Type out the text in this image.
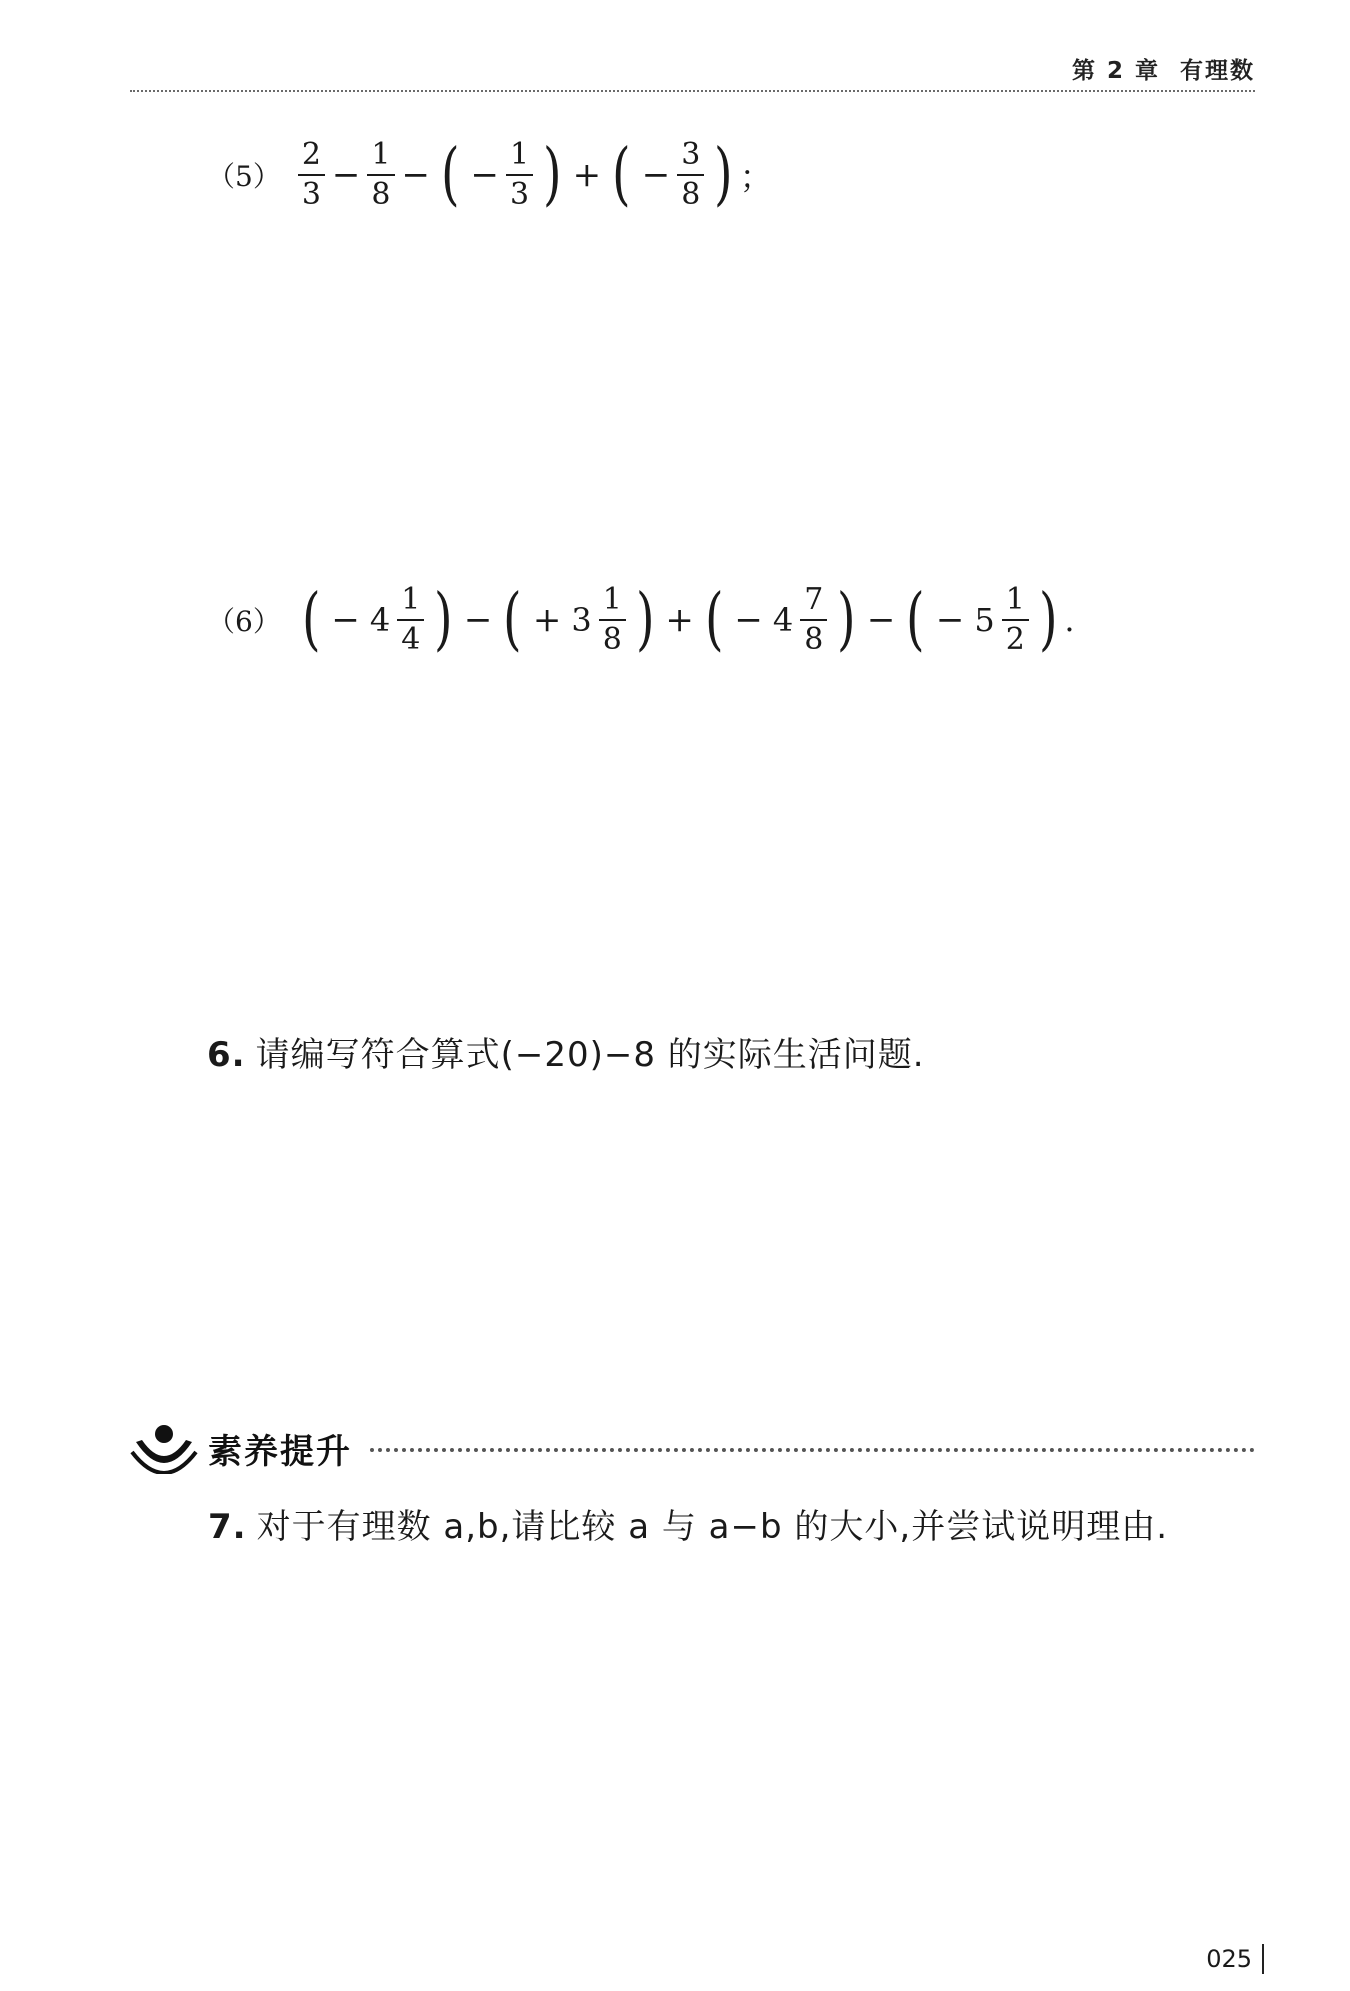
第 2 章 有理数
$(5) \frac{2}{3} - \frac{1}{8}$ − ( − $\frac{1}{3}$ ) + ( − $\frac{3}{8}$ ) ；
（6） ( − $4 \frac{1}{4}$ ) − ( + $3 \frac{1}{8}$ ) + ( − $4 \frac{7}{8}$ ) − ( − $5 \frac{1}{2}$ ) .
6. 请编写符合算式(−20)−8 的实际生活问题.
素养提升
7. 对于有理数 a,b,请比较 a 与 a−b 的大小,并尝试说明理由.
025
